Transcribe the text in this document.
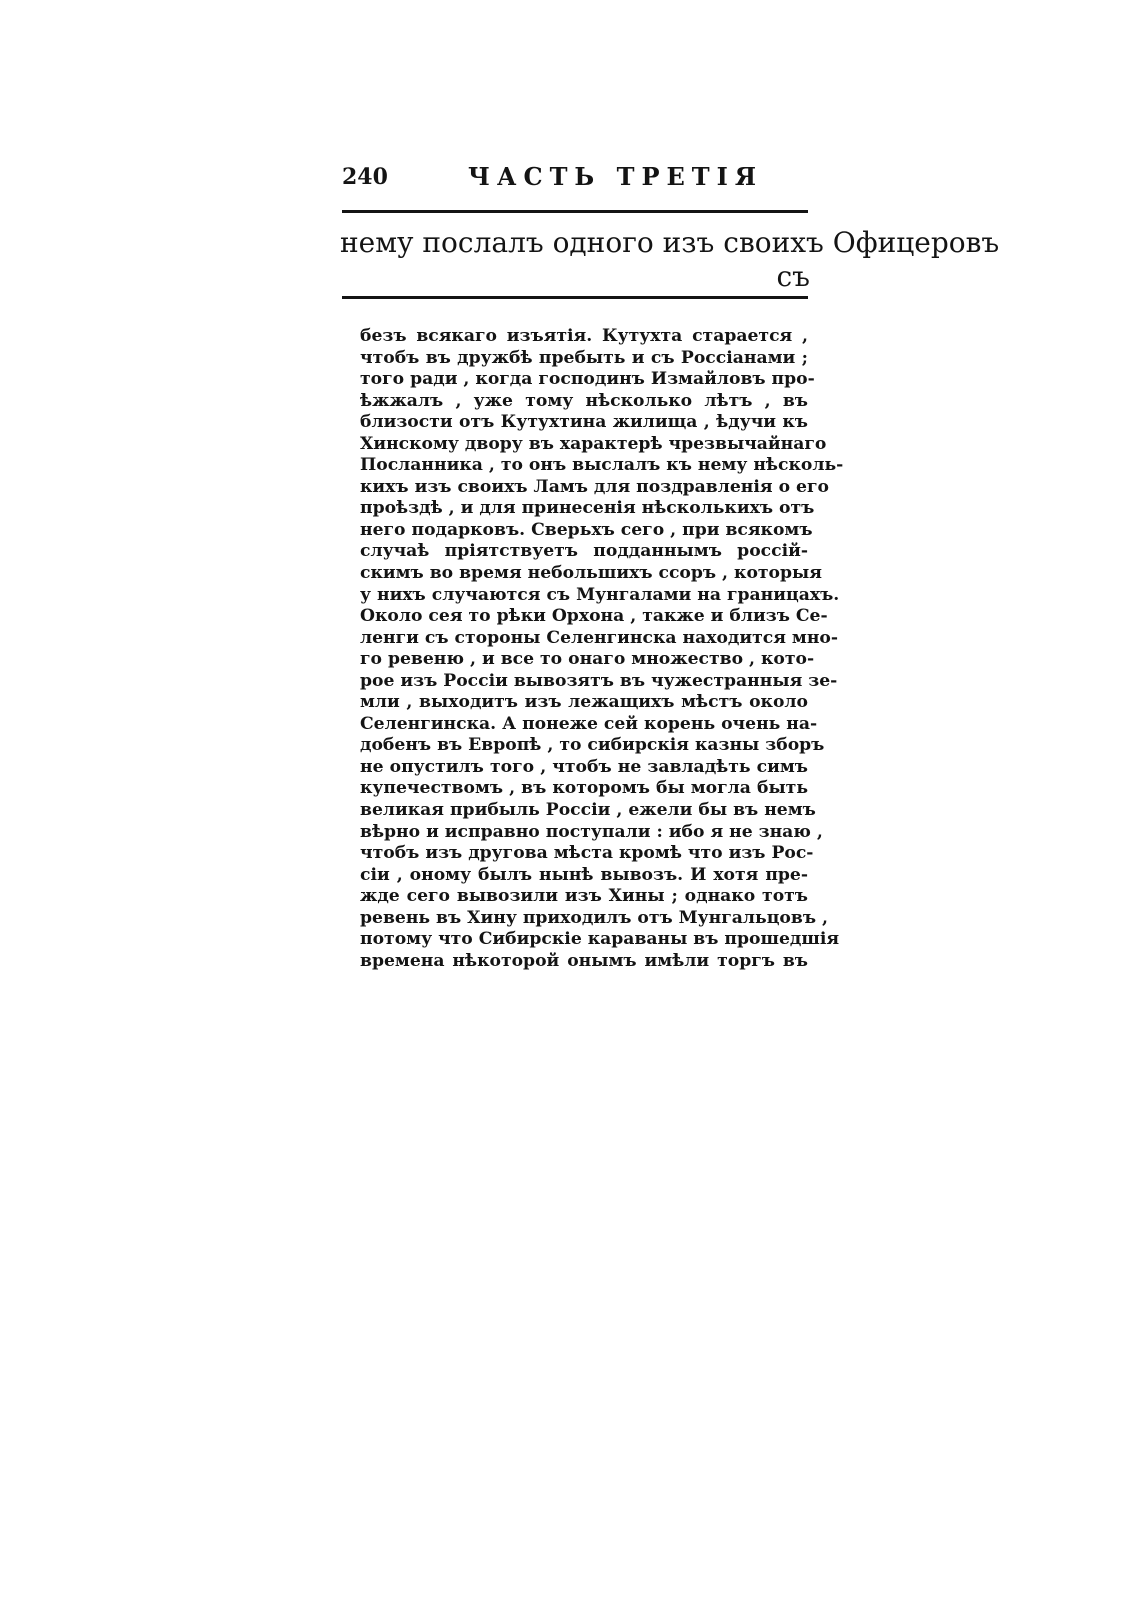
240	ЧАСТЬ ТРЕТІЯ
нему послалъ одного изъ своихъ Офицеровъ
съ
безъ всякаго изъятія. Кутухта старается ,
чтобъ въ дружбѣ пребыть и съ Россіанами ;
того ради , когда господинъ Измайловъ про-
ѣжжалъ , уже тому нѣсколько лѣтъ , въ
близости отъ Кутухтина жилища , ѣдучи къ
Хинскому двору въ характерѣ чрезвычайнаго
Посланника , то онъ выслалъ къ нему нѣсколь-
кихъ изъ своихъ Ламъ для поздравленія о его
проѣздѣ , и для принесенія нѣсколькихъ отъ
него подарковъ. Сверьхъ сего , при всякомъ
случаѣ пріятствуетъ подданнымъ россій-
скимъ во время небольшихъ ссоръ , которыя
у нихъ случаются съ Мунгалами на границахъ.
Около сея то рѣки Орхона , также и близъ Се-
ленги съ стороны Селенгинска находится мно-
го ревеню , и все то онаго множество , кото-
рое изъ Россіи вывозятъ въ чужестранныя зе-
мли , выходитъ изъ лежащихъ мѣстъ около
Селенгинска. А понеже сей корень очень на-
добенъ въ Европѣ , то сибирскія казны зборъ
не опустилъ того , чтобъ не завладѣть симъ
купечествомъ , въ которомъ бы могла быть
великая прибыль Россіи , ежели бы въ немъ
вѣрно и исправно поступали : ибо я не знаю ,
чтобъ изъ другова мѣста кромѣ что изъ Рос-
сіи , оному былъ нынѣ вывозъ. И хотя пре-
жде сего вывозили изъ Хины ; однако тотъ
ревень въ Хину приходилъ отъ Мунгальцовъ ,
потому что Сибирскіе караваны въ прошедшія
времена нѣкоторой онымъ имѣли торгъ въ
